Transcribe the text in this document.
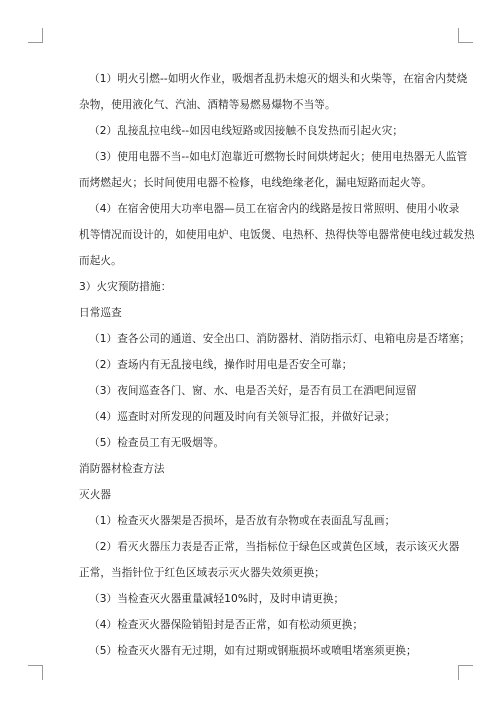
（1）明火引燃--如明火作业，吸烟者乱扔未熄灭的烟头和火柴等，在宿舍内焚烧
杂物，使用液化气、汽油、酒精等易燃易爆物不当等。
（2）乱接乱拉电线--如因电线短路或因接触不良发热而引起火灾；
（3）使用电器不当--如电灯泡靠近可燃物长时间烘烤起火；使用电热器无人监管
而烤燃起火；长时间使用电器不检修，电线绝缘老化，漏电短路而起火等。
（4）在宿舍使用大功率电器—员工在宿舍内的线路是按日常照明、使用小收录
机等情况而设计的，如使用电炉、电饭煲、电热杯、热得快等电器常使电线过载发热
而起火。
3）火灾预防措施：
日常巡查
（1）查各公司的通道、安全出口、消防器材、消防指示灯、电箱电房是否堵塞；
（2）查场内有无乱接电线，操作时用电是否安全可靠；
（3）夜间巡查各门、窗、水、电是否关好，是否有员工在酒吧间逗留
（4）巡查时对所发现的问题及时向有关领导汇报，并做好记录；
（5）检查员工有无吸烟等。
消防器材检查方法
灭火器
（1）检查灭火器架是否损坏，是否放有杂物或在表面乱写乱画；
（2）看灭火器压力表是否正常，当指标位于绿色区或黄色区域，表示该灭火器
正常，当指针位于红色区域表示灭火器失效须更换；
（3）当检查灭火器重量减轻10%时，及时申请更换；
（4）检查灭火器保险销铅封是否正常，如有松动须更换；
（5）检查灭火器有无过期，如有过期或钢瓶损坏或喷咀堵塞须更换；
